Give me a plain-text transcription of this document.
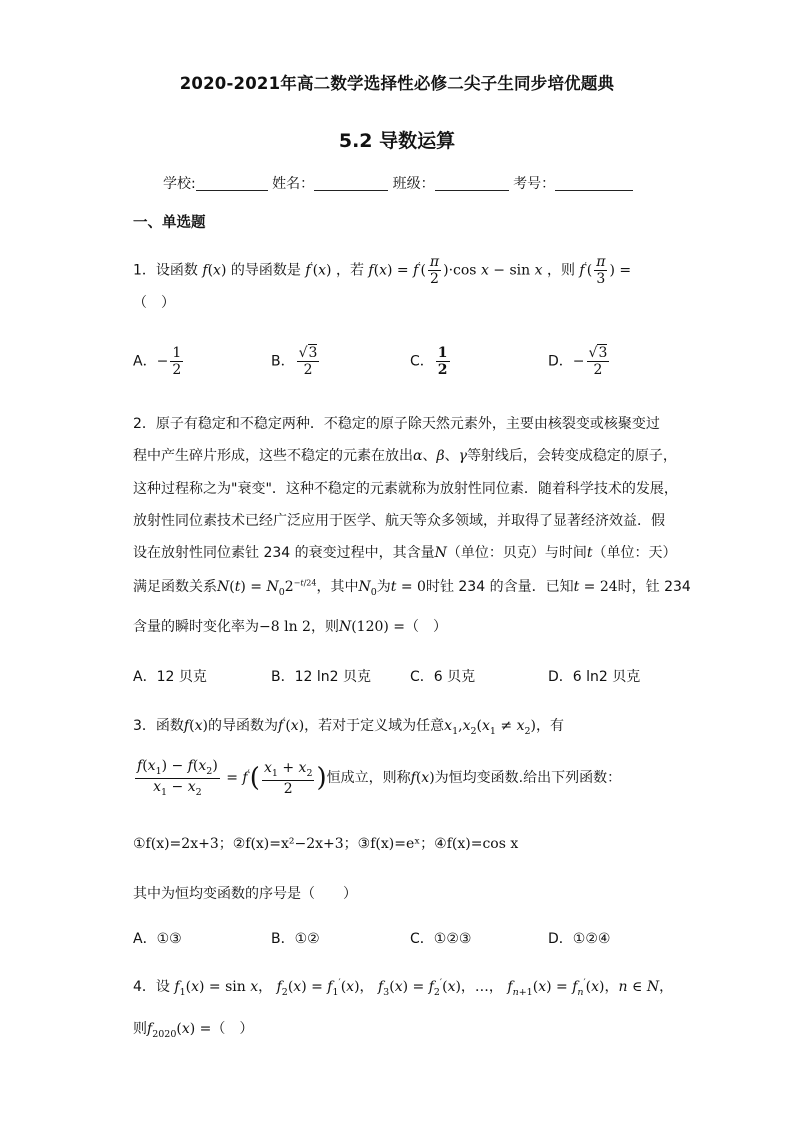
2020-2021年高二数学选择性必修二尖子生同步培优题典
5.2 导数运算
学校:	姓名：	班级：	考号：
一、单选题
1．设函数 f(x) 的导函数是 f′(x) ，若 $f(x) = f'( \frac{\pi}{2} )\cdot\cos$ x − sin x ，则 $f'( \frac{\pi}{3}$ ) =
（　）
A．− $\frac{1}{2}$	B． $\frac{√3}{2}$	C． $\frac{1}{2}$	D．− $\frac{√3}{2}$
2．原子有稳定和不稳定两种．不稳定的原子除天然元素外，主要由核裂变或核聚变过
程中产生碎片形成，这些不稳定的元素在放出α、β、γ等射线后，会转变成稳定的原子，
这种过程称之为"衰变"．这种不稳定的元素就称为放射性同位素．随着科学技术的发展，
放射性同位素技术已经广泛应用于医学、航天等众多领域，并取得了显著经济效益．假
设在放射性同位素钍 234 的衰变过程中，其含量N（单位：贝克）与时间t（单位：天）
满足函数关系$N(t) = N_02^{-t/24}$，其中$N_0$为t = 0时钍 234 的含量．已知t = 24时，钍 234
含量的瞬时变化率为−8 ln 2，则N(120) =（　）
A．12 贝克	B．12 ln2 贝克	C．6 贝克	D．6 ln2 贝克
3．函数f(x)的导函数为f′(x)，若对于定义域为任意$x_1,x_2(x_1 \ne x_2)$，有
$\frac{f(x_1) - f(x_2)}{x_1 - x_2} = f'( \frac{x_1 + x_2}{2}$ )恒成立，则称f(x)为恒均变函数.给出下列函数：
①f(x)=2x+3；②f(x)=x²−2x+3；③f(x)=eˣ；④f(x)=cos x
其中为恒均变函数的序号是（　　）
A．①③	B．①②	C．①②③	D．①②④
4．设 $f_1(x) = \sin x$， $f_2(x) = f_1'(x)$， $f_3(x) = f_2'(x)$，…， $f_{n+1}(x) = f_n'(x)$，n ∈ N，
则$f_{2020}(x)$ =（　）
